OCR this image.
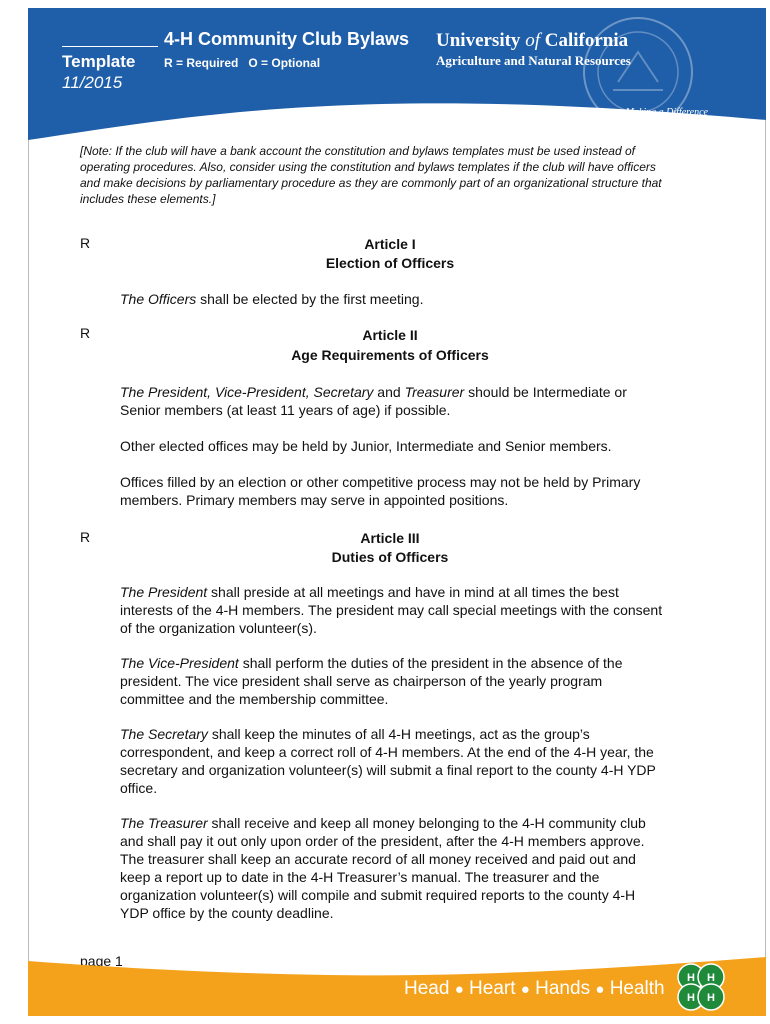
4-H Community Club Bylaws
Template R = Required   O = Optional
11/2015
University of California
Agriculture and Natural Resources
Making a Difference
for California
[Note: If the club will have a bank account the constitution and bylaws templates must be used instead of operating procedures. Also, consider using the constitution and bylaws templates if the club will have officers and make decisions by parliamentary procedure as they are commonly part of an organizational structure that includes these elements.]
R	Article I
Election of Officers
The Officers shall be elected by the first meeting.
R	Article II
Age Requirements of Officers
The President, Vice-President, Secretary and Treasurer should be Intermediate or Senior members (at least 11 years of age) if possible.
Other elected offices may be held by Junior, Intermediate and Senior members.
Offices filled by an election or other competitive process may not be held by Primary members. Primary members may serve in appointed positions.
R	Article III
Duties of Officers
The President shall preside at all meetings and have in mind at all times the best interests of the 4-H members. The president may call special meetings with the consent of the organization volunteer(s).
The Vice-President shall perform the duties of the president in the absence of the president. The vice president shall serve as chairperson of the yearly program committee and the membership committee.
The Secretary shall keep the minutes of all 4-H meetings, act as the group’s correspondent, and keep a correct roll of 4-H members. At the end of the 4-H year, the secretary and organization volunteer(s) will submit a final report to the county 4-H YDP office.
The Treasurer shall receive and keep all money belonging to the 4-H community club and shall pay it out only upon order of the president, after the 4-H members approve. The treasurer shall keep an accurate record of all money received and paid out and keep a report up to date in the 4-H Treasurer’s manual. The treasurer and the organization volunteer(s) will compile and submit required reports to the county 4-H YDP office by the county deadline.
page 1
Head ● Heart ● Hands ● Health H H
H H
